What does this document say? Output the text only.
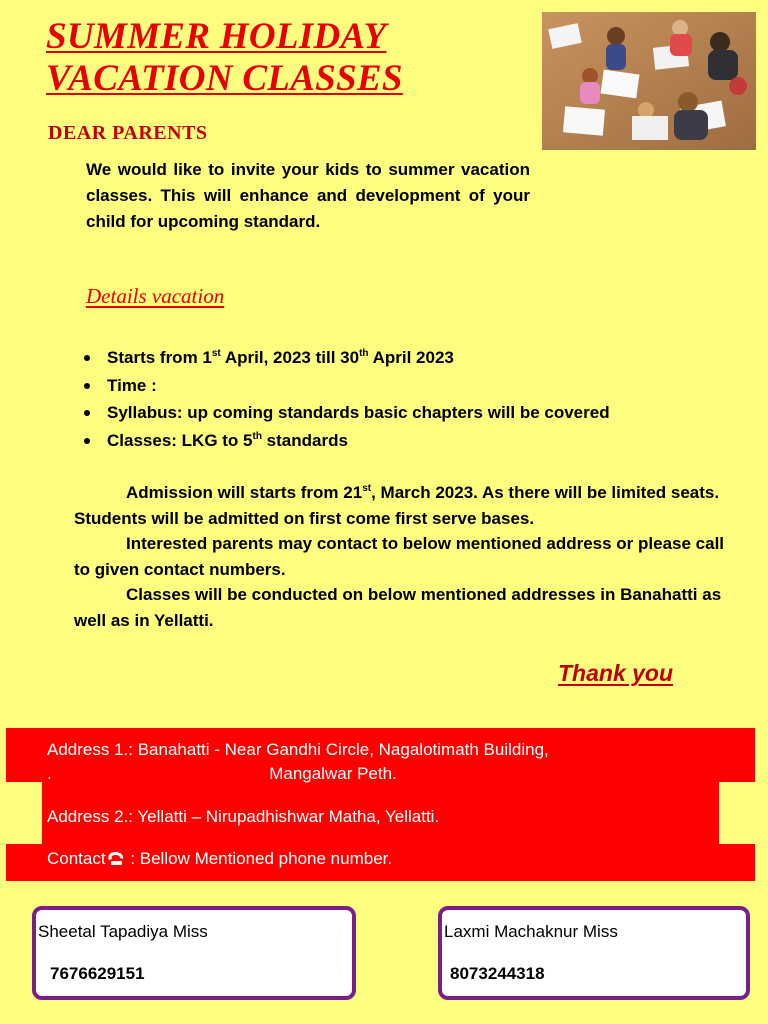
SUMMER HOLIDAY
VACATION CLASSES
DEAR PARENTS

We would like to invite your kids to summer vacation classes. This will enhance and development of your child for upcoming standard.

Details vacation
Starts from 1st April, 2023 till 30th April 2023
Time :
Syllabus: up coming standards basic chapters will be covered
Classes: LKG to 5th standards

Admission will starts from 21st, March 2023. As there will be limited seats. Students will be admitted on first come first serve bases.

Interested parents may contact to below mentioned address or please call to given contact numbers.

Classes will be conducted on below mentioned addresses in Banahatti as well as in Yellatti.

Thank you
Address 1.: Banahatti - Near Gandhi Circle, Nagalotimath Building,
.	Mangalwar Peth.
Address 2.: Yellatti – Nirupadhishwar Matha, Yellatti.
Contact : Bellow Mentioned phone number.
Sheetal Tapadiya Miss
7676629151
Laxmi Machaknur Miss
8073244318
